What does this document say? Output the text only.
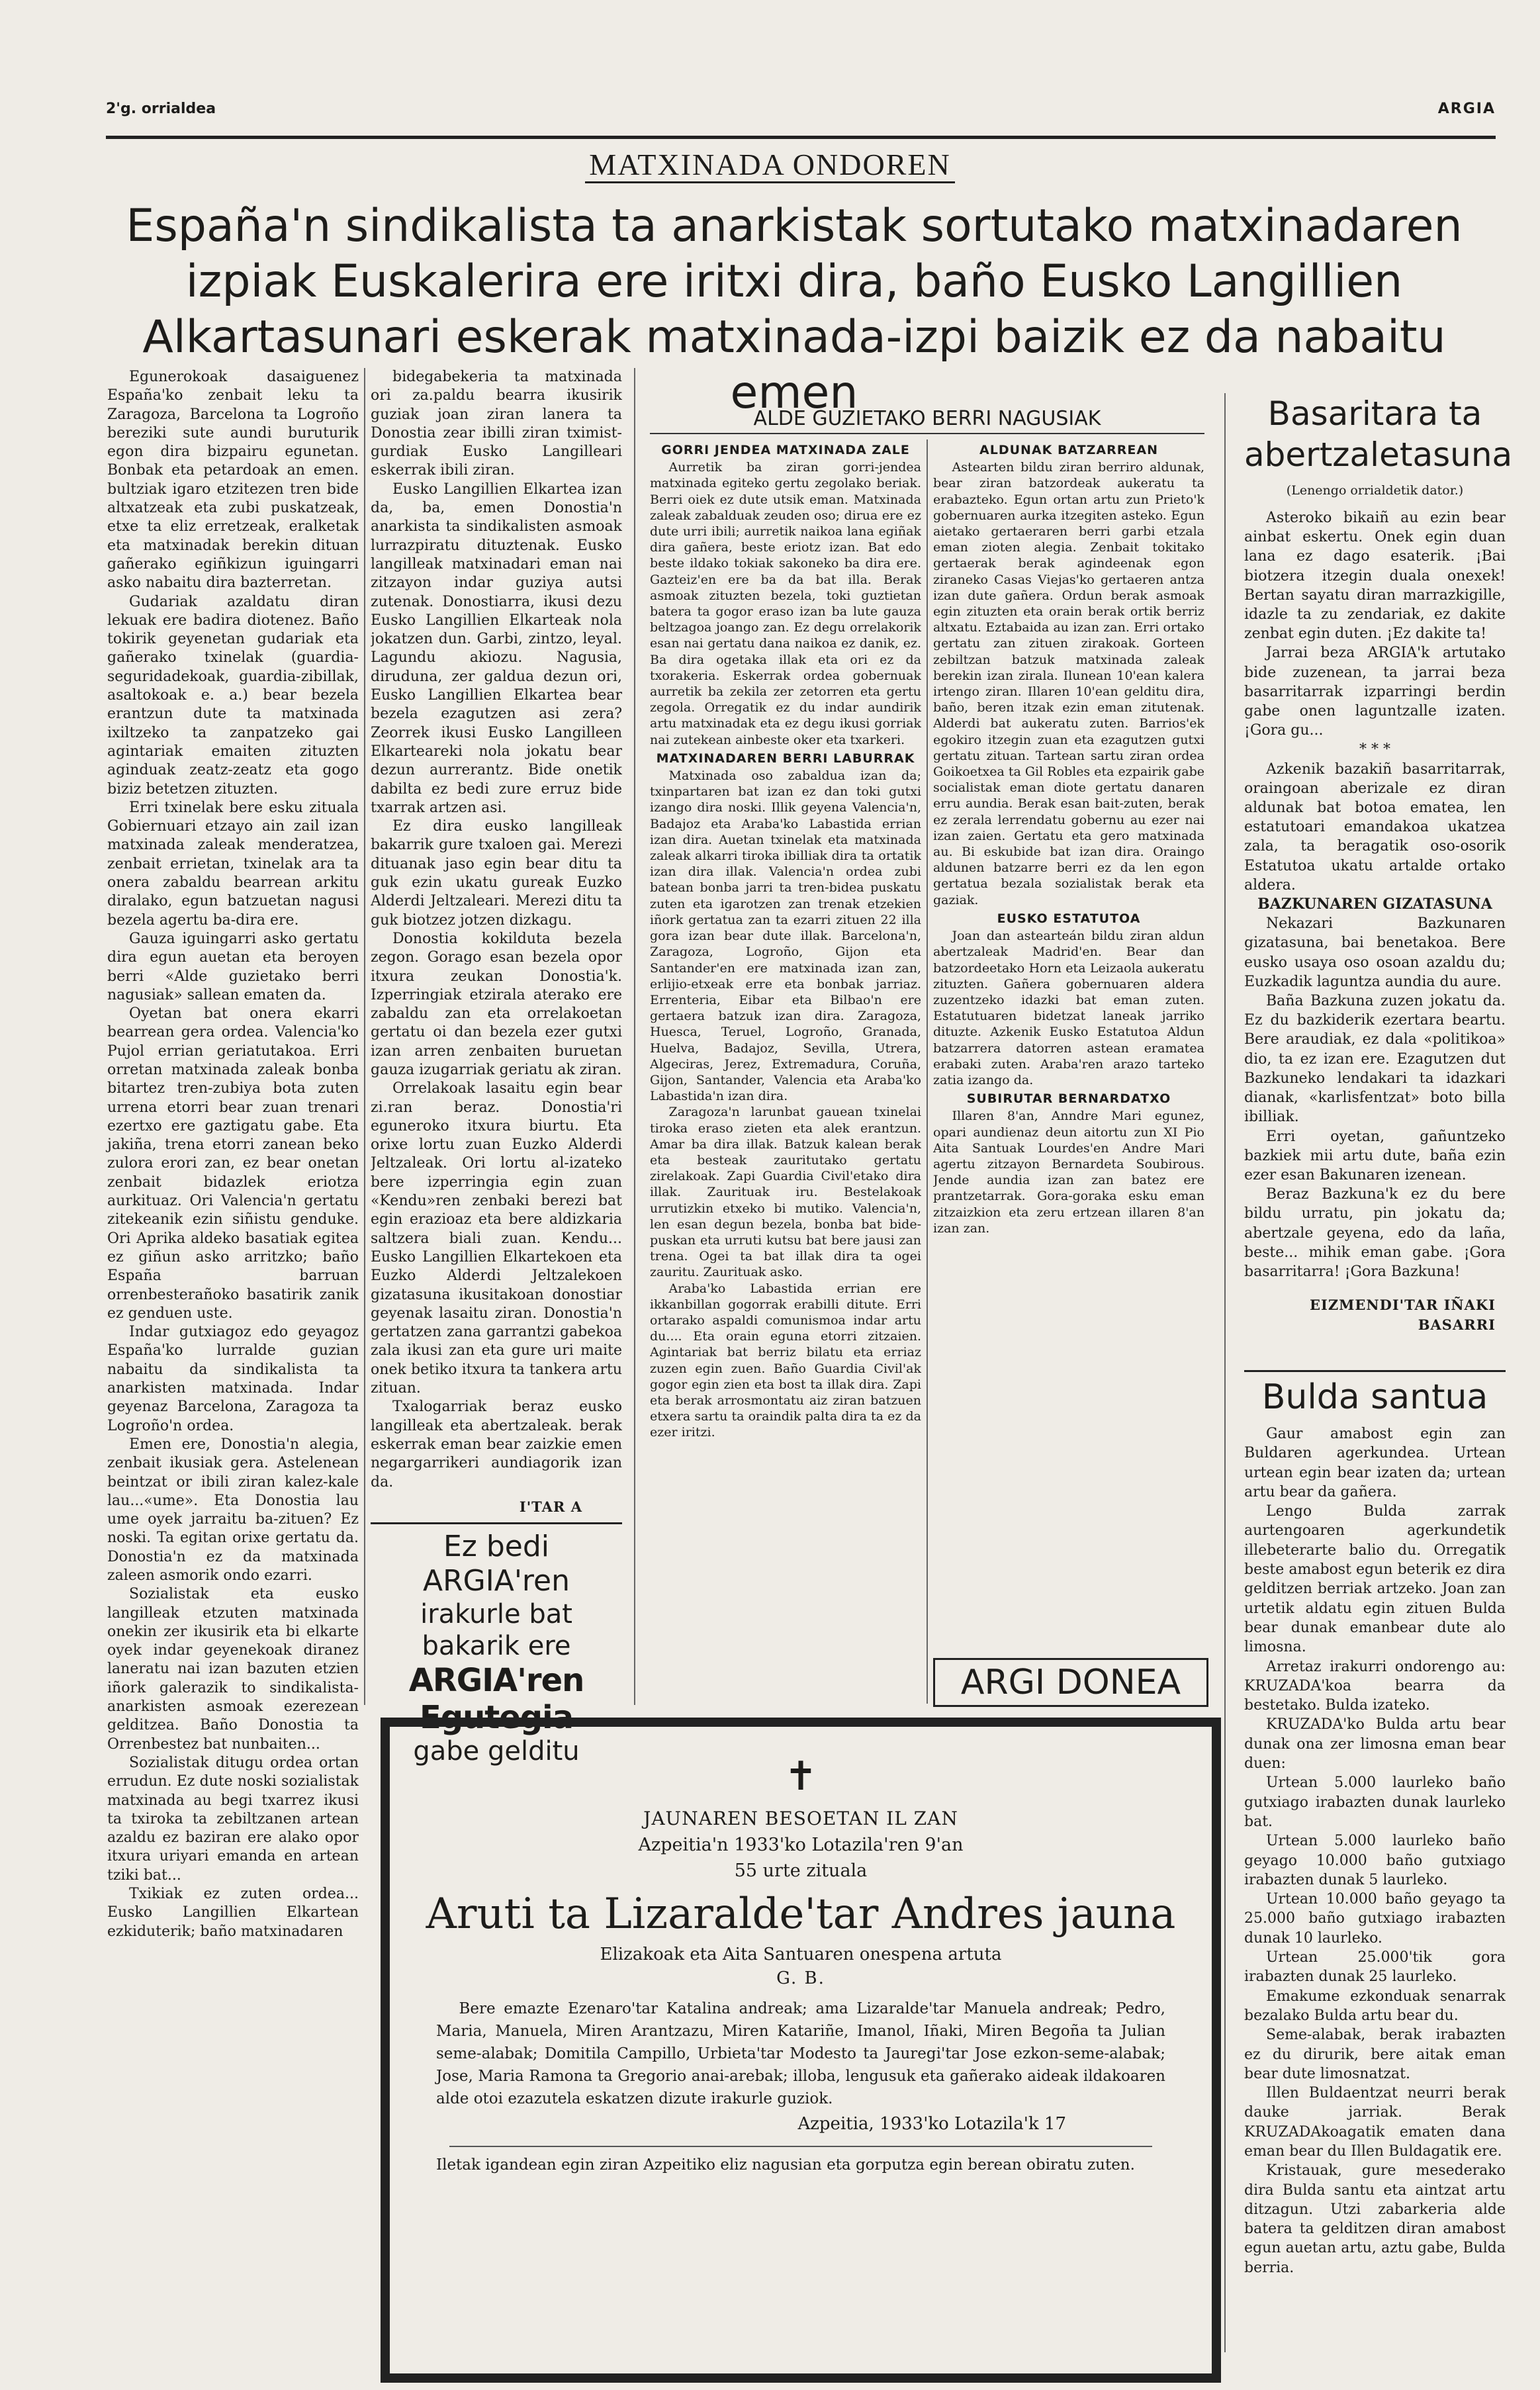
2'g. orrialdea	ARGIA
MATXINADA ONDOREN
España'n sindikalista ta anarkistak sortutako matxinadaren izpiak Euskalerira ere iritxi dira, baño Eusko Langillien Alkartasunari eskerak matxinada-izpi baizik ez da nabaitu emen

Egunerokoak dasaiguenez España'ko zenbait leku ta Zaragoza, Barcelona ta Logroño bereziki sute aundi buruturik egon dira bizpairu egunetan. Bonbak eta petardoak an emen. bultziak igaro etzitezen tren bide altxatzeak eta zubi puskatzeak, etxe ta eliz erretzeak, eralketak eta matxinadak berekin dituan gañerako egiñkizun iguingarri asko nabaitu dira bazterretan.

Gudariak azaldatu diran lekuak ere badira diotenez. Baño tokirik geyenetan gudariak eta gañerako txinelak (guardia-seguridadekoak, guardia-zibillak, asaltokoak e. a.) bear bezela erantzun dute ta matxinada ixiltzeko ta zanpatzeko gai agintariak emaiten zituzten aginduak zeatz-zeatz eta gogo biziz betetzen zituzten.

Erri txinelak bere esku zituala Gobiernuari etzayo ain zail izan matxinada zaleak menderatzea, zenbait errietan, txinelak ara ta onera zabaldu bearrean arkitu diralako, egun batzuetan nagusi bezela agertu ba-dira ere.

Gauza iguingarri asko gertatu dira egun auetan eta beroyen berri «Alde guzietako berri nagusiak» sallean ematen da.

Oyetan bat onera ekarri bearrean gera ordea. Valencia'ko Pujol errian geriatutakoa. Erri orretan matxinada zaleak bonba bitartez tren-zubiya bota zuten urrena etorri bear zuan trenari ezertxo ere gaztigatu gabe. Eta jakiña, trena etorri zanean beko zulora erori zan, ez bear onetan zenbait bidazlek eriotza aurkituaz. Ori Valencia'n gertatu zitekeanik ezin siñistu genduke. Ori Aprika aldeko basatiak egitea ez giñun asko arritzko; baño España barruan orrenbesterañoko basatirik zanik ez genduen uste.

Indar gutxiagoz edo geyagoz España'ko lurralde guzian nabaitu da sindikalista ta anarkisten matxinada. Indar geyenaz Barcelona, Zaragoza ta Logroño'n ordea.

Emen ere, Donostia'n alegia, zenbait ikusiak gera. Astelenean beintzat or ibili ziran kalez-kale lau...«ume». Eta Donostia lau ume oyek jarraitu ba-zituen? Ez noski. Ta egitan orixe gertatu da. Donostia'n ez da matxinada zaleen asmorik ondo ezarri.

Sozialistak eta eusko langilleak etzuten matxinada onekin zer ikusirik eta bi elkarte oyek indar geyenekoak diranez laneratu nai izan bazuten etzien iñork galerazik to sindikalista-anarkisten asmoak ezerezean gelditzea. Baño Donostia ta Orrenbestez bat nunbaiten...

Sozialistak ditugu ordea ortan errudun. Ez dute noski sozialistak matxinada au begi txarrez ikusi ta txiroka ta zebiltzanen artean azaldu ez baziran ere alako opor itxura uriyari emanda en artean tziki bat...

Txikiak ez zuten ordea... Eusko Langillien Elkartean ezkiduterik; baño matxinadaren

bidegabekeria ta matxinada ori za.paldu bearra ikusirik guziak joan ziran lanera ta Donostia zear ibilli ziran tximist-gurdiak Eusko Langilleari eskerrak ibili ziran.

Eusko Langillien Elkartea izan da, ba, emen Donostia'n anarkista ta sindikalisten asmoak lurrazpiratu dituztenak. Eusko langilleak matxinadari eman nai zitzayon indar guziya autsi zutenak. Donostiarra, ikusi dezu Eusko Langillien Elkarteak nola jokatzen dun. Garbi, zintzo, leyal. Lagundu akiozu. Nagusia, diruduna, zer galdua dezun ori, Eusko Langillien Elkartea bear bezela ezagutzen asi zera? Zeorrek ikusi Eusko Langilleen Elkarteareki nola jokatu bear dezun aurrerantz. Bide onetik dabilta ez bedi zure erruz bide txarrak artzen asi.

Ez dira eusko langilleak bakarrik gure txaloen gai. Merezi dituanak jaso egin bear ditu ta guk ezin ukatu gureak Euzko Alderdi Jeltzaleari. Merezi ditu ta guk biotzez jotzen dizkagu.

Donostia kokilduta bezela zegon. Gorago esan bezela opor itxura zeukan Donostia'k. Izperringiak etzirala aterako ere zabaldu zan eta orrelakoetan gertatu oi dan bezela ezer gutxi izan arren zenbaiten buruetan gauza izugarriak geriatu ak ziran.

Orrelakoak lasaitu egin bear zi.ran beraz. Donostia'ri eguneroko itxura biurtu. Eta orixe lortu zuan Euzko Alderdi Jeltzaleak. Ori lortu al-izateko bere izperringia egin zuan «Kendu»ren zenbaki berezi bat egin erazioaz eta bere aldizkaria saltzera biali zuan. Kendu... Eusko Langillien Elkartekoen eta Euzko Alderdi Jeltzalekoen gizatasuna ikusitakoan donostiar geyenak lasaitu ziran. Donostia'n gertatzen zana garrantzi gabekoa zala ikusi zan eta gure uri maite onek betiko itxura ta tankera artu zituan.

Txalogarriak beraz eusko langilleak eta abertzaleak. berak eskerrak eman bear zaizkie emen negargarrikeri aundiagorik izan da.

I'TAR A
Ez bedi ARGIA'ren
irakurle bat bakarik ere
ARGIA'ren Egutegia
gabe gelditu
ALDE GUZIETAKO BERRI NAGUSIAK
GORRI JENDEA MATXINADA ZALE

Aurretik ba ziran gorri-jendea matxinada egiteko gertu zegolako beriak. Berri oiek ez dute utsik eman. Matxinada zaleak zabalduak zeuden oso; dirua ere ez dute urri ibili; aurretik naikoa lana egiñak dira gañera, beste eriotz izan. Bat edo beste ildako tokiak sakoneko ba dira ere. Gazteiz'en ere ba da bat illa. Berak asmoak zituzten bezela, toki guztietan batera ta gogor eraso izan ba lute gauza beltzagoa joango zan. Ez degu orrelakorik esan nai gertatu dana naikoa ez danik, ez. Ba dira ogetaka illak eta ori ez da txorakeria. Eskerrak ordea gobernuak aurretik ba zekila zer zetorren eta gertu zegola. Orregatik ez du indar aundirik artu matxinadak eta ez degu ikusi gorriak nai zutekean ainbeste oker eta txarkeri.

MATXINADAREN BERRI LABURRAK

Matxinada oso zabaldua izan da; txinpartaren bat izan ez dan toki gutxi izango dira noski. Illik geyena Valencia'n, Badajoz eta Araba'ko Labastida errian izan dira. Auetan txinelak eta matxinada zaleak alkarri tiroka ibilliak dira ta ortatik izan dira illak. Valencia'n ordea zubi batean bonba jarri ta tren-bidea puskatu zuten eta igarotzen zan trenak etzekien iñork gertatua zan ta ezarri zituen 22 illa gora izan bear dute illak. Barcelona'n, Zaragoza, Logroño, Gijon eta Santander'en ere matxinada izan zan, erlijio-etxeak erre eta bonbak jarriaz. Errenteria, Eibar eta Bilbao'n ere gertaera batzuk izan dira. Zaragoza, Huesca, Teruel, Logroño, Granada, Huelva, Badajoz, Sevilla, Utrera, Algeciras, Jerez, Extremadura, Coruña, Gijon, Santander, Valencia eta Araba'ko Labastida'n izan dira.

Zaragoza'n larunbat gauean txinelai tiroka eraso zieten eta alek erantzun. Amar ba dira illak. Batzuk kalean berak eta besteak zauritutako gertatu zirelakoak. Zapi Guardia Civil'etako dira illak. Zaurituak iru. Bestelakoak urrutizkin etxeko bi mutiko. Valencia'n, len esan degun bezela, bonba bat bide-puskan eta urruti kutsu bat bere jausi zan trena. Ogei ta bat illak dira ta ogei zauritu. Zaurituak asko.

Araba'ko Labastida errian ere ikkanbillan gogorrak erabilli ditute. Erri ortarako aspaldi comunismoa indar artu du.... Eta orain eguna etorri zitzaien. Agintariak bat berriz bilatu eta erriaz zuzen egin zuen. Baño Guardia Civil'ak gogor egin zien eta bost ta illak dira. Zapi eta berak arrosmontatu aiz ziran batzuen etxera sartu ta oraindik palta dira ta ez da ezer iritzi.

ALDUNAK BATZARREAN

Astearten bildu ziran berriro aldunak, bear ziran batzordeak aukeratu ta erabazteko. Egun ortan artu zun Prieto'k gobernuaren aurka itzegiten asteko. Egun aietako gertaeraren berri garbi etzala eman zioten alegia. Zenbait tokitako gertaerak berak agindeenak egon ziraneko Casas Viejas'ko gertaeren antza izan dute gañera. Ordun berak asmoak egin zituzten eta orain berak ortik berriz altxatu. Eztabaida au izan zan. Erri ortako gertatu zan zituen zirakoak. Gorteen zebiltzan batzuk matxinada zaleak berekin izan zirala. Ilunean 10'ean kalera irtengo ziran. Illaren 10'ean gelditu dira, baño, beren itzak ezin eman zitutenak. Alderdi bat aukeratu zuten. Barrios'ek egokiro itzegin zuan eta ezagutzen gutxi gertatu zituan. Tartean sartu ziran ordea Goikoetxea ta Gil Robles eta ezpairik gabe socialistak eman diote gertatu danaren erru aundia. Berak esan bait-zuten, berak ez zerala lerrendatu gobernu au ezer nai izan zaien. Gertatu eta gero matxinada au. Bi eskubide bat izan dira. Oraingo aldunen batzarre berri ez da len egon gertatua bezala sozialistak berak eta gaziak.

EUSKO ESTATUTOA

Joan dan astearteán bildu ziran aldun abertzaleak Madrid'en. Bear dan batzordeetako Horn eta Leizaola aukeratu zituzten. Gañera gobernuaren aldera zuzentzeko idazki bat eman zuten. Estatutuaren bidetzat laneak jarriko dituzte. Azkenik Eusko Estatutoa Aldun batzarrera datorren astean eramatea erabaki zuten. Araba'ren arazo tarteko zatia izango da.

SUBIRUTAR BERNARDATXO

Illaren 8'an, Anndre Mari egunez, opari aundienaz deun aitortu zun XI Pio Aita Santuak Lourdes'en Andre Mari agertu zitzayon Bernardeta Soubirous. Jende aundia izan zan batez ere prantzetarrak. Gora-goraka esku eman zitzaizkion eta zeru ertzean illaren 8'an izan zan.

ARGI DONEA
Basaritara ta abertzaletasuna
(Lenengo orrialdetik dator.)

Asteroko bikaiñ au ezin bear ainbat eskertu. Onek egin duan lana ez dago esaterik. ¡Bai biotzera itzegin duala onexek! Bertan sayatu diran marrazkigille, idazle ta zu zendariak, ez dakite zenbat egin duten. ¡Ez dakite ta!

Jarrai beza ARGIA'k artutako bide zuzenean, ta jarrai beza basarritarrak izparringi berdin gabe onen laguntzalle izaten. ¡Gora gu...

* * *

Azkenik bazakiñ basarritarrak, oraingoan aberizale ez diran aldunak bat botoa ematea, len estatutoari emandakoa ukatzea zala, ta beragatik oso-osorik Estatutoa ukatu artalde ortako aldera.

BAZKUNAREN GIZATASUNA

Nekazari Bazkunaren gizatasuna, bai benetakoa. Bere eusko usaya oso osoan azaldu du; Euzkadik laguntza aundia du aure.

Baña Bazkuna zuzen jokatu da. Ez du bazkiderik ezertara beartu. Bere araudiak, ez dala «politikoa» dio, ta ez izan ere. Ezagutzen dut Bazkuneko lendakari ta idazkari dianak, «karlisfentzat» boto billa ibilliak.

Erri oyetan, gañuntzeko bazkiek mii artu dute, baña ezin ezer esan Bakunaren izenean.

Beraz Bazkuna'k ez du bere bildu urratu, pin jokatu da; abertzale geyena, edo da laña, beste... mihik eman gabe. ¡Gora basarritarra! ¡Gora Bazkuna!

EIZMENDI'TAR IÑAKI
BASARRI
Bulda santua

Gaur amabost egin zan Buldaren agerkundea. Urtean urtean egin bear izaten da; urtean artu bear da gañera.

Lengo Bulda zarrak aurtengoaren agerkundetik illebeterarte balio du. Orregatik beste amabost egun beterik ez dira gelditzen berriak artzeko. Joan zan urtetik aldatu egin zituen Bulda bear dunak emanbear dute alo limosna.

Arretaz irakurri ondorengo au: KRUZADA'koa bearra da bestetako. Bulda izateko.

KRUZADA'ko Bulda artu bear dunak ona zer limosna eman bear duen:

Urtean 5.000 laurleko baño gutxiago irabazten dunak laurleko bat.

Urtean 5.000 laurleko baño geyago 10.000 baño gutxiago irabazten dunak 5 laurleko.

Urtean 10.000 baño geyago ta 25.000 baño gutxiago irabazten dunak 10 laurleko.

Urtean 25.000'tik gora irabazten dunak 25 laurleko.

Emakume ezkonduak senarrak bezalako Bulda artu bear du.

Seme-alabak, berak irabazten ez du dirurik, bere aitak eman bear dute limosnatzat.

Illen Buldaentzat neurri berak dauke jarriak. Berak KRUZADAkoagatik ematen dana eman bear du Illen Buldagatik ere.

Kristauak, gure mesederako dira Bulda santu eta aintzat artu ditzagun. Utzi zabarkeria alde batera ta gelditzen diran amabost egun auetan artu, aztu gabe, Bulda berria.

✝
JAUNAREN BESOETAN IL ZAN
Azpeitia'n 1933'ko Lotazila'ren 9'an
55 urte zituala
Aruti ta Lizaralde'tar Andres jauna
Elizakoak eta Aita Santuaren onespena artuta
G. B.
Bere emazte Ezenaro'tar Katalina andreak; ama Lizaralde'tar Manuela andreak; Pedro, Maria, Manuela, Miren Arantzazu, Miren Katariñe, Imanol, Iñaki, Miren Begoña ta Julian seme-alabak; Domitila Campillo, Urbieta'tar Modesto ta Jauregi'tar Jose ezkon-seme-alabak; Jose, Maria Ramona ta Gregorio anai-arebak; illoba, lengusuk eta gañerako aideak ildakoaren alde otoi ezazutela eskatzen dizute irakurle guziok.
Azpeitia, 1933'ko Lotazila'k 17
Iletak igandean egin ziran Azpeitiko eliz nagusian eta gorputza egin berean obiratu zuten.
